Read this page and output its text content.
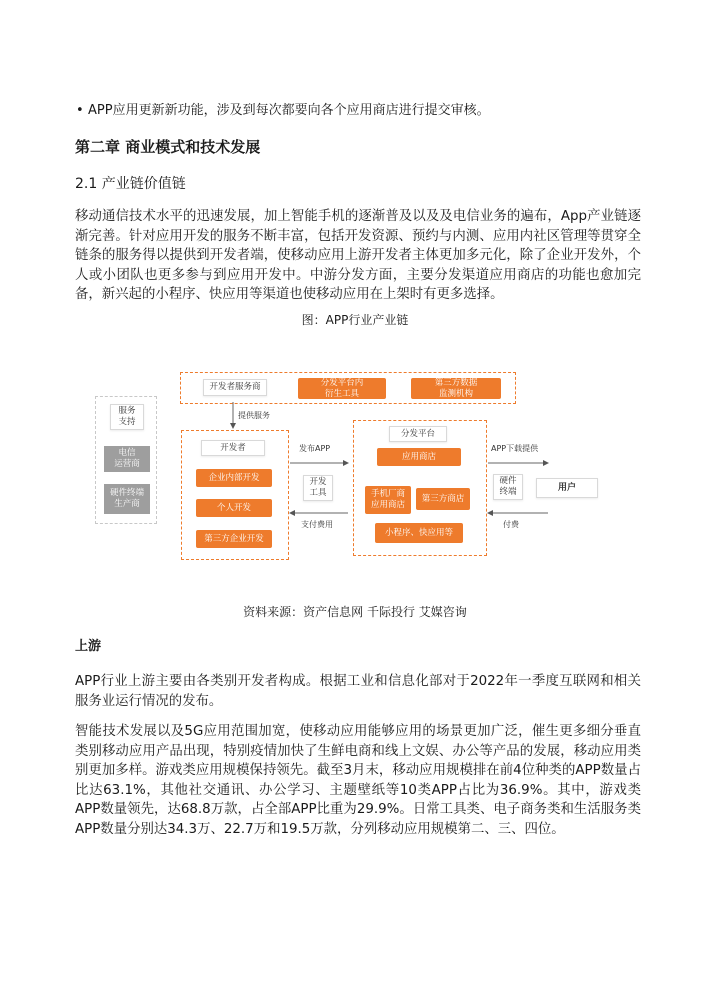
• APP应用更新新功能，涉及到每次都要向各个应用商店进行提交审核。
第二章 商业模式和技术发展
2.1 产业链价值链

移动通信技术水平的迅速发展，加上智能手机的逐渐普及以及及电信业务的遍布，App产业链逐渐完善。针对应用开发的服务不断丰富，包括开发资源、预约与内测、应用内社区管理等贯穿全链条的服务得以提供到开发者端，使移动应用上游开发者主体更加多元化，除了企业开发外，个人或小团队也更多参与到应用开发中。中游分发方面，主要分发渠道应用商店的功能也愈加完备，新兴起的小程序、快应用等渠道也使移动应用在上架时有更多选择。

图：APP行业产业链
开发者服务商	分发平台内
衍生工具
第三方数据
监测机构
服务
支持
电信
运营商
硬件终端
生产商
提供服务
开发者
企业内部开发
个人开发
第三方企业开发
发布APP
开发
工具
支付费用
分发平台
应用商店
手机厂商
应用商店
第三方商店
小程序、快应用等
APP下载提供
硬件
终端
付费
用户
资料来源：资产信息网 千际投行 艾媒咨询
上游

APP行业上游主要由各类别开发者构成。根据工业和信息化部对于2022年一季度互联网和相关服务业运行情况的发布。

智能技术发展以及5G应用范围加宽，使移动应用能够应用的场景更加广泛，催生更多细分垂直类别移动应用产品出现，特别疫情加快了生鲜电商和线上文娱、办公等产品的发展，移动应用类别更加多样。游戏类应用规模保持领先。截至3月末，移动应用规模排在前4位种类的APP数量占比达63.1%，其他社交通讯、办公学习、主题壁纸等10类APP占比为36.9%。其中，游戏类APP数量领先，达68.8万款，占全部APP比重为29.9%。日常工具类、电子商务类和生活服务类APP数量分别达34.3万、22.7万和19.5万款，分列移动应用规模第二、三、四位。
